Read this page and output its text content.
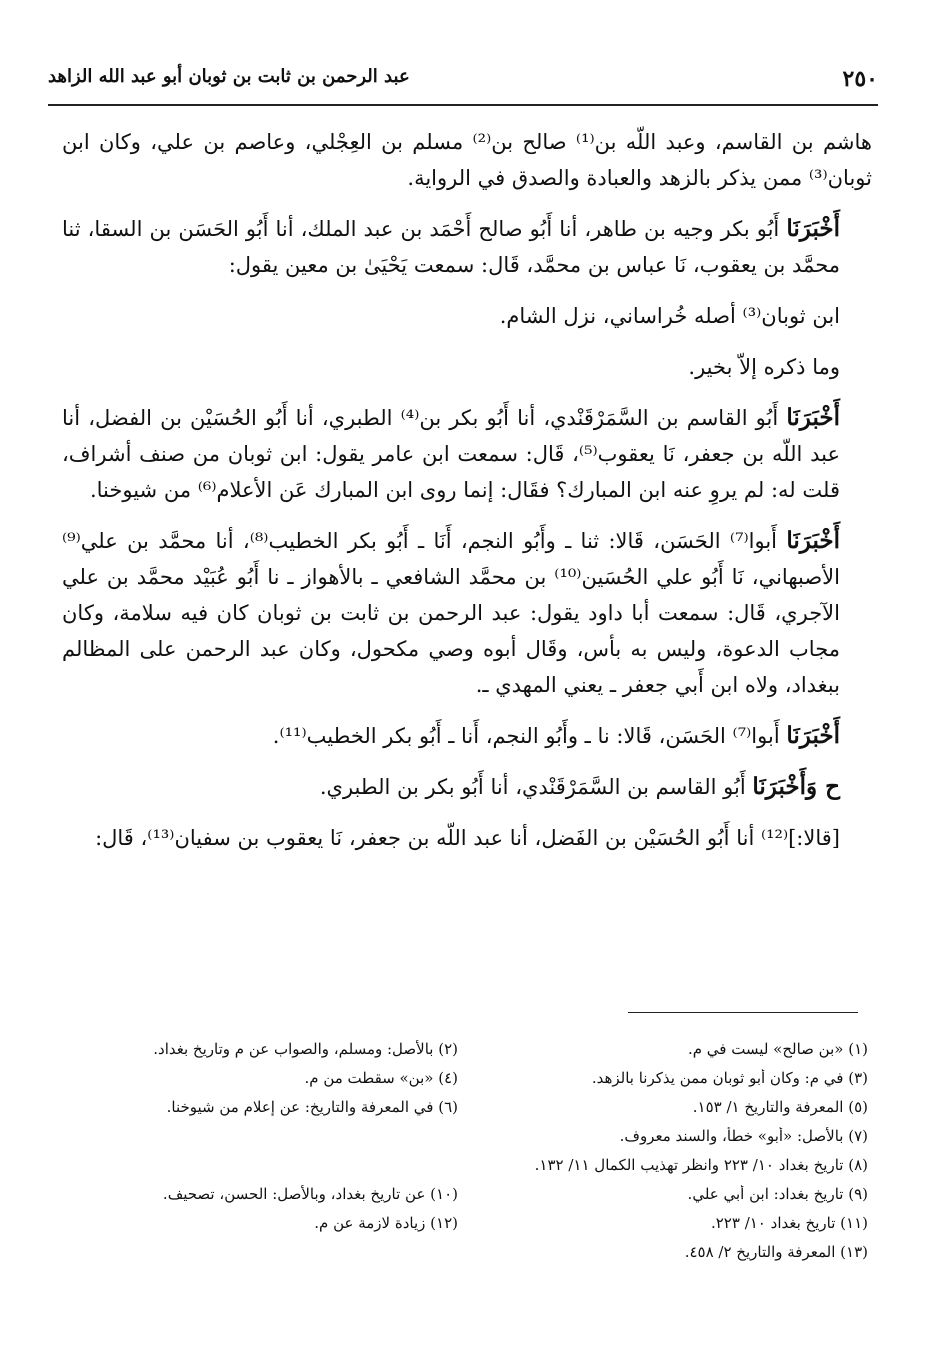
٢٥٠
عبد الرحمن بن ثابت بن ثوبان أبو عبد الله الزاهد

هاشم بن القاسم، وعبد اللّه بن⁽¹⁾ صالح بن⁽²⁾ مسلم بن العِجْلي، وعاصم بن علي، وكان ابن ثوبان⁽³⁾ ممن يذكر بالزهد والعبادة والصدق في الرواية.

أَخْبَرَنَا أَبُو بكر وجيه بن طاهر، أنا أَبُو صالح أَحْمَد بن عبد الملك، أنا أَبُو الحَسَن بن السقا، ثنا محمَّد بن يعقوب، نَا عباس بن محمَّد، قَال: سمعت يَحْيَىٰ بن معين يقول:

ابن ثوبان⁽³⁾ أصله خُراساني، نزل الشام.

وما ذكره إلاّ بخير.

أَخْبَرَنَا أَبُو القاسم بن السَّمَرْقَنْدي، أنا أَبُو بكر بن⁽⁴⁾ الطبري، أنا أَبُو الحُسَيْن بن الفضل، أنا عبد اللّه بن جعفر، نَا يعقوب⁽⁵⁾، قَال: سمعت ابن عامر يقول: ابن ثوبان من صنف أشراف، قلت له: لم يروِ عنه ابن المبارك؟ فقَال: إنما روى ابن المبارك عَن الأعلام⁽⁶⁾ من شيوخنا.

أَخْبَرَنَا أَبوا⁽⁷⁾ الحَسَن، قَالا: ثنا ـ وأَبُو النجم، أَنَا ـ أَبُو بكر الخطيب⁽⁸⁾، أنا محمَّد بن علي⁽⁹⁾ الأصبهاني، نَا أَبُو علي الحُسَين⁽¹⁰⁾ بن محمَّد الشافعي ـ بالأهواز ـ نا أَبُو عُبَيْد محمَّد بن علي الآجري، قَال: سمعت أبا داود يقول: عبد الرحمن بن ثابت بن ثوبان كان فيه سلامة، وكان مجاب الدعوة، وليس به بأس، وقَال أبوه وصي مكحول، وكان عبد الرحمن على المظالم ببغداد، ولاه ابن أَبي جعفر ـ يعني المهدي ـ.

أَخْبَرَنَا أَبوا⁽⁷⁾ الحَسَن، قَالا: نا ـ وأَبُو النجم، أَنا ـ أَبُو بكر الخطيب⁽¹¹⁾.

ح وَأَخْبَرَنَا أَبُو القاسم بن السَّمَرْقَنْدي، أنا أَبُو بكر بن الطبري.

[قالا:]⁽¹²⁾ أنا أَبُو الحُسَيْن بن الفَضل، أنا عبد اللّه بن جعفر، نَا يعقوب بن سفيان⁽¹³⁾، قَال:

(١) «بن صالح» ليست في م.
(٢) بالأصل: ومسلم، والصواب عن م وتاريخ بغداد.
(٣) في م: وكان أبو ثوبان ممن يذكرنا بالزهد.
(٤) «بن» سقطت من م.
(٥) المعرفة والتاريخ ١/ ١٥٣.
(٦) في المعرفة والتاريخ: عن إعلام من شيوخنا.
(٧) بالأصل: «أبو» خطأ، والسند معروف.
(٨) تاريخ بغداد ١٠/ ٢٢٣ وانظر تهذيب الكمال ١١/ ١٣٢.
(٩) تاريخ بغداد: ابن أبي علي.
(١٠) عن تاريخ بغداد، وبالأصل: الحسن، تصحيف.
(١١) تاريخ بغداد ١٠/ ٢٢٣.
(١٢) زيادة لازمة عن م.
(١٣) المعرفة والتاريخ ٢/ ٤٥٨.
